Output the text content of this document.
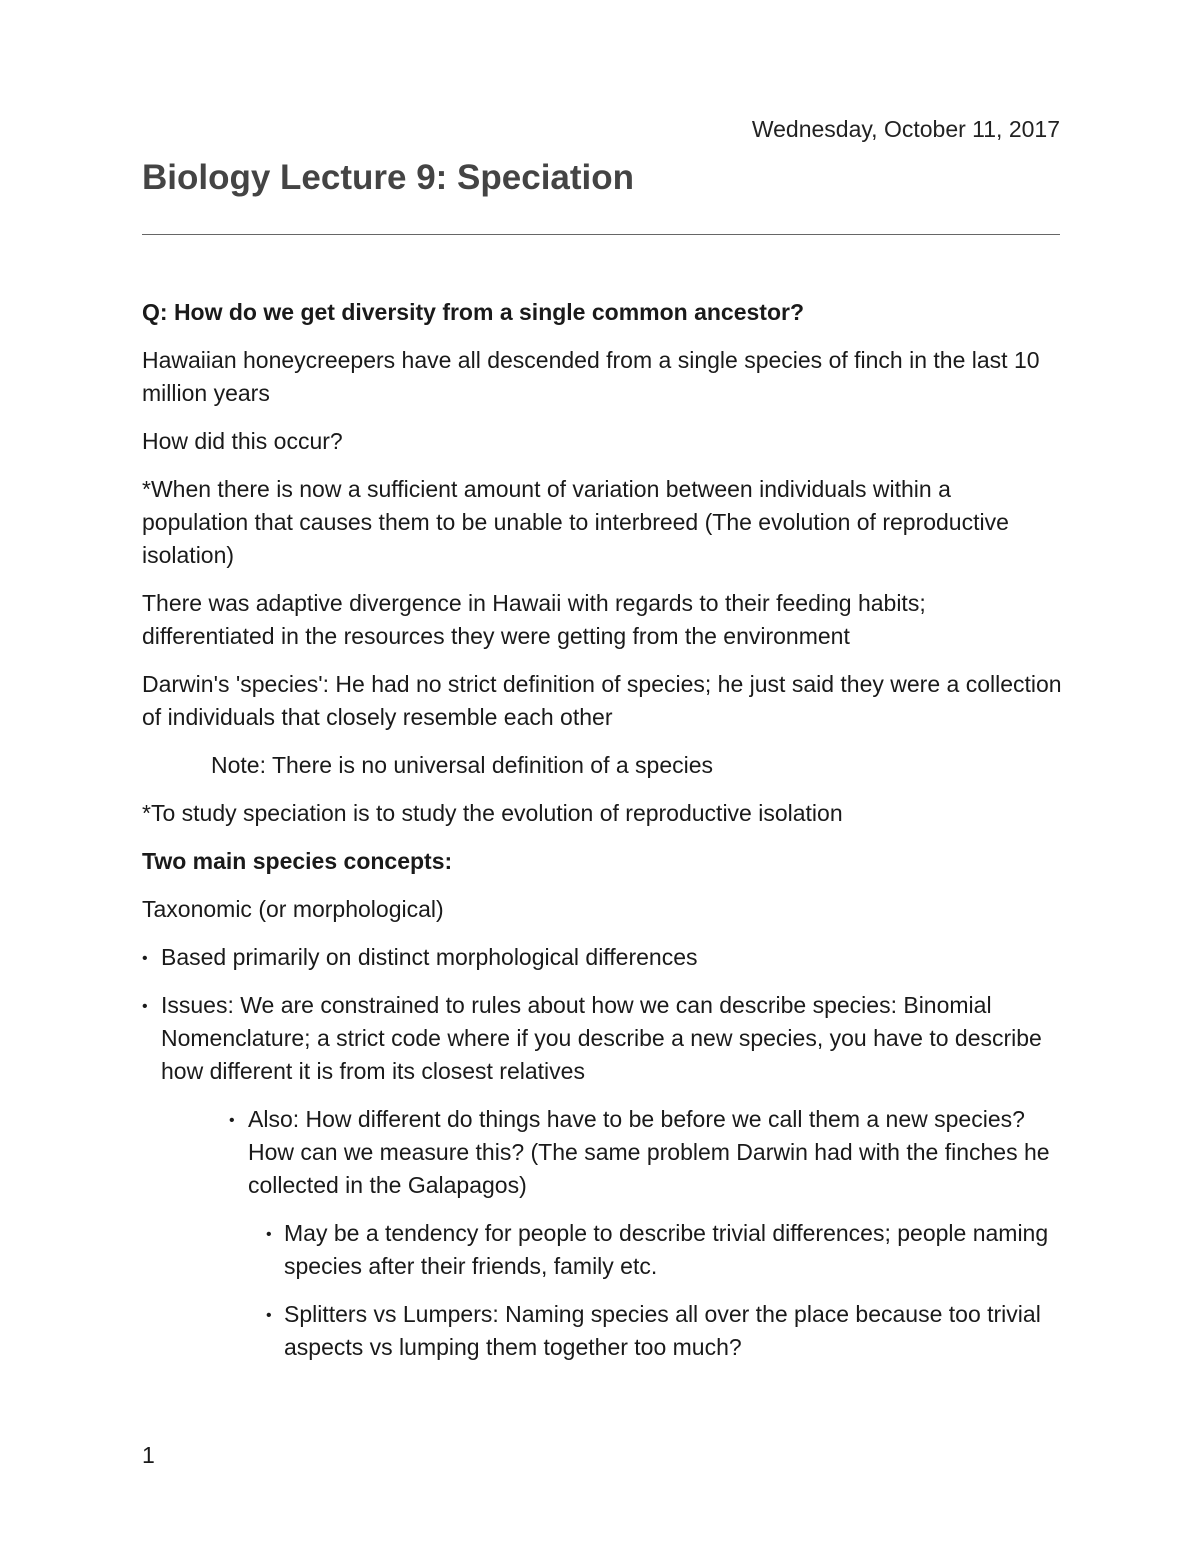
Wednesday, October 11, 2017
Biology Lecture 9: Speciation

Q: How do we get diversity from a single common ancestor?

Hawaiian honeycreepers have all descended from a single species of finch in the last 10 million years

How did this occur?

*When there is now a sufficient amount of variation between individuals within a population that causes them to be unable to interbreed (The evolution of reproductive isolation)

There was adaptive divergence in Hawaii with regards to their feeding habits; differentiated in the resources they were getting from the environment

Darwin's 'species': He had no strict definition of species; he just said they were a collection of individuals that closely resemble each other

Note: There is no universal definition of a species

*To study speciation is to study the evolution of reproductive isolation

Two main species concepts:

Taxonomic (or morphological)

• Based primarily on distinct morphological differences
• Issues: We are constrained to rules about how we can describe species: Binomial Nomenclature; a strict code where if you describe a new species, you have to describe how different it is from its closest relatives
• Also: How different do things have to be before we call them a new species? How can we measure this? (The same problem Darwin had with the finches he collected in the Galapagos)
• May be a tendency for people to describe trivial differences; people naming species after their friends, family etc.
• Splitters vs Lumpers: Naming species all over the place because too trivial aspects vs lumping them together too much?
1
